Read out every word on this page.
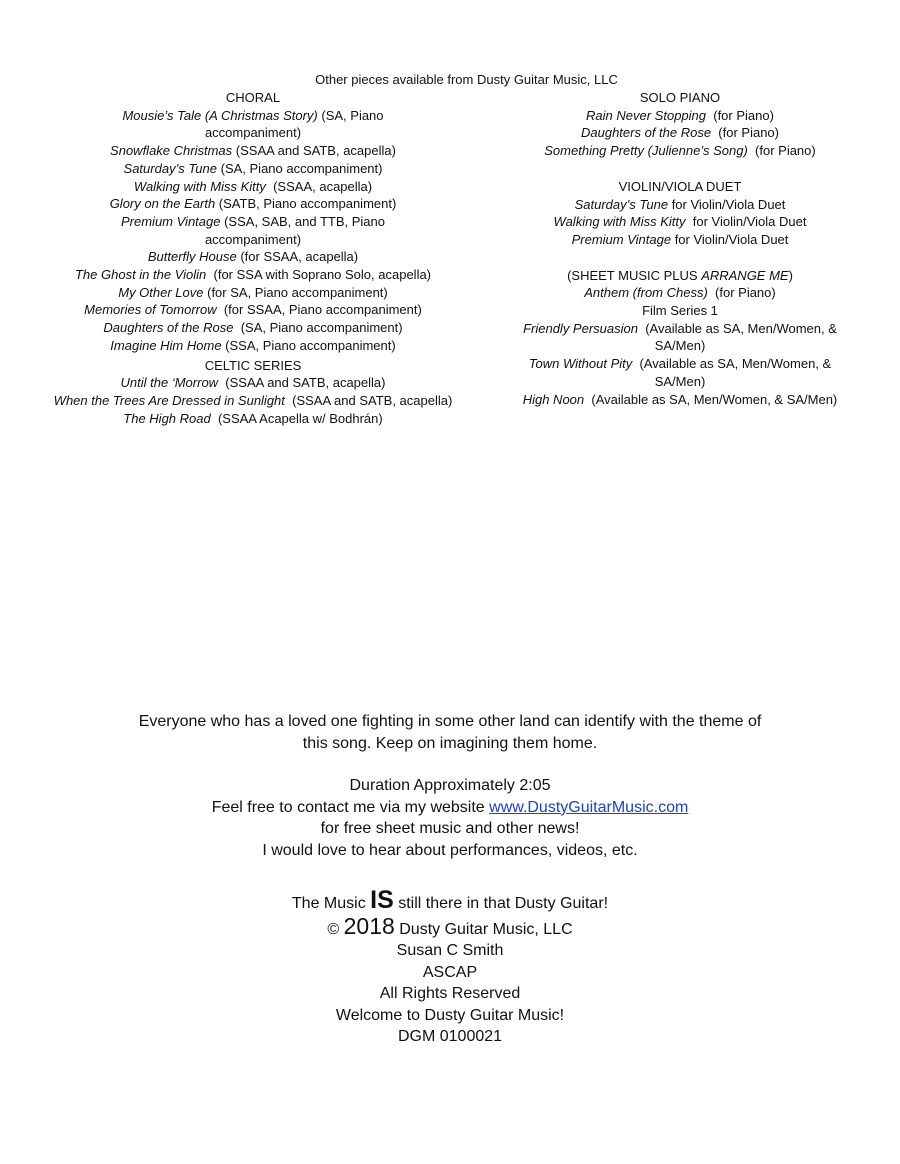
Other pieces available from Dusty Guitar Music, LLC

CHORAL

Mousie’s Tale (A Christmas Story) (SA, Piano

accompaniment)

Snowflake Christmas (SSAA and SATB, acapella)

Saturday’s Tune (SA, Piano accompaniment)

Walking with Miss Kitty  (SSAA, acapella)

Glory on the Earth (SATB, Piano accompaniment)

Premium Vintage (SSA, SAB, and TTB, Piano

accompaniment)

Butterfly House (for SSAA, acapella)

The Ghost in the Violin  (for SSA with Soprano Solo, acapella)

My Other Love (for SA, Piano accompaniment)

Memories of Tomorrow  (for SSAA, Piano accompaniment)

Daughters of the Rose  (SA, Piano accompaniment)

Imagine Him Home (SSA, Piano accompaniment)

CELTIC SERIES

Until the ‘Morrow  (SSAA and SATB, acapella)

When the Trees Are Dressed in Sunlight  (SSAA and SATB, acapella)

The High Road  (SSAA Acapella w/ Bodhrán)

SOLO PIANO

Rain Never Stopping  (for Piano)

Daughters of the Rose  (for Piano)

Something Pretty (Julienne’s Song)  (for Piano)

VIOLIN/VIOLA DUET

Saturday’s Tune for Violin/Viola Duet

Walking with Miss Kitty  for Violin/Viola Duet

Premium Vintage for Violin/Viola Duet

(SHEET MUSIC PLUS ARRANGE ME)

Anthem (from Chess)  (for Piano)

Film Series 1

Friendly Persuasion  (Available as SA, Men/Women, &

SA/Men)

Town Without Pity  (Available as SA, Men/Women, &

SA/Men)

High Noon  (Available as SA, Men/Women, & SA/Men)

Everyone who has a loved one fighting in some other land can identify with the theme of

this song. Keep on imagining them home.

Duration Approximately 2:05

Feel free to contact me via my website www.DustyGuitarMusic.com

for free sheet music and other news!

I would love to hear about performances, videos, etc.

The Music IS still there in that Dusty Guitar!

© 2018 Dusty Guitar Music, LLC

Susan C Smith

ASCAP

All Rights Reserved

Welcome to Dusty Guitar Music!

DGM 0100021
